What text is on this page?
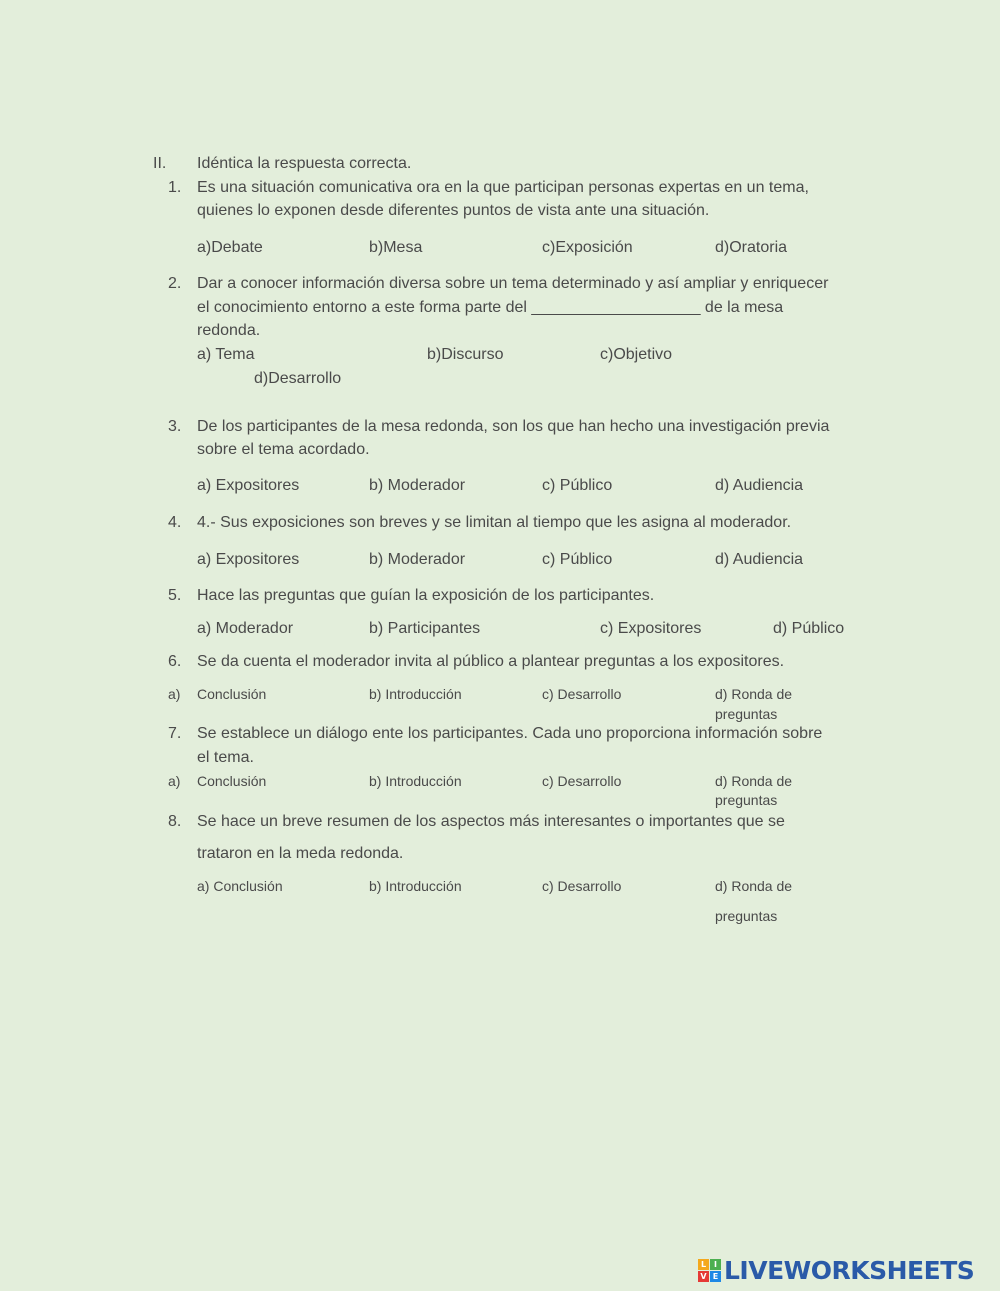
II. Idéntica la respuesta correcta.
1. Es una situación comunicativa ora en la que participan personas expertas en un tema,
quienes lo exponen desde diferentes puntos de vista ante una situación.
a)Debate	b)Mesa	c)Exposición	d)Oratoria
2. Dar a conocer información diversa sobre un tema determinado y así ampliar y enriquecer
el conocimiento entorno a este forma parte del ___________________ de la mesa
redonda.
a) Tema	b)Discurso	c)Objetivo
d)Desarrollo
3. De los participantes de la mesa redonda, son los que han hecho una investigación previa
sobre el tema acordado.
a) Expositores	b) Moderador	c) Público	d) Audiencia
4. 4.- Sus exposiciones son breves y se limitan al tiempo que les asigna al moderador.
a) Expositores	b) Moderador	c) Público	d) Audiencia
5. Hace las preguntas que guían la exposición de los participantes.
a) Moderador	b) Participantes	c) Expositores	d) Público
6. Se da cuenta el moderador invita al público a plantear preguntas a los expositores.
a) Conclusión	b) Introducción	c) Desarrollo	d) Ronda de
preguntas
7. Se establece un diálogo ente los participantes. Cada uno proporciona información sobre
el tema.
a) Conclusión	b) Introducción	c) Desarrollo	d) Ronda de
preguntas
8. Se hace un breve resumen de los aspectos más interesantes o importantes que se
trataron en la meda redonda.
a) Conclusión	b) Introducción	c) Desarrollo	d) Ronda de
preguntas
L I
V E LIVEWORKSHEETS
